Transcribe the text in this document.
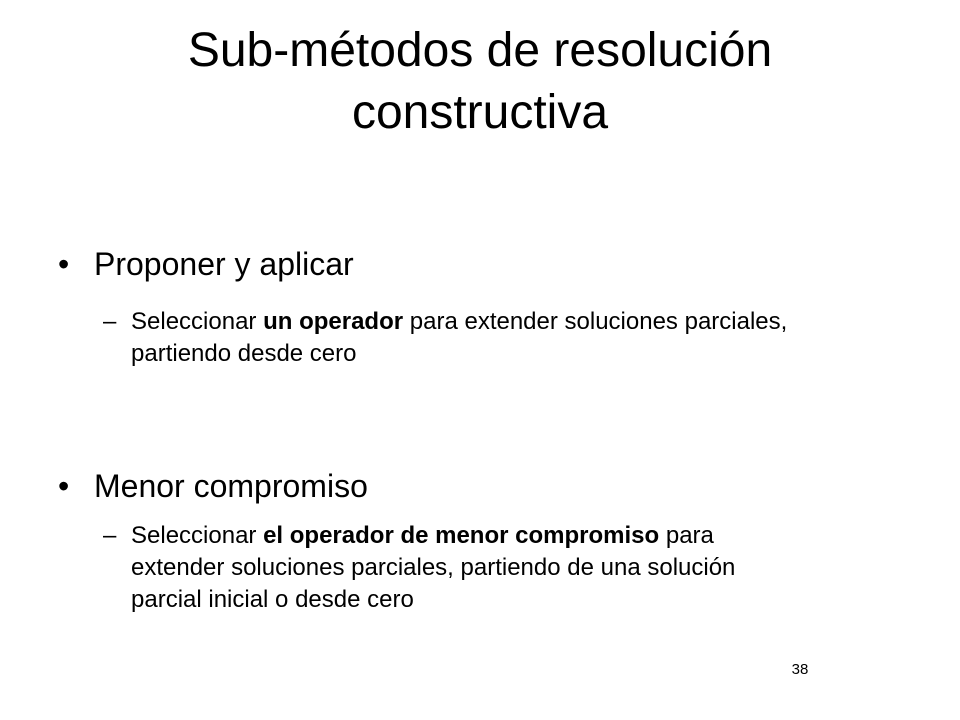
Sub-métodos de resolución constructiva
• Proponer y aplicar
– Seleccionar un operador para extender soluciones parciales, partiendo desde cero
• Menor compromiso
– Seleccionar el operador de menor compromiso para extender soluciones parciales, partiendo de una solución parcial inicial o desde cero
38
